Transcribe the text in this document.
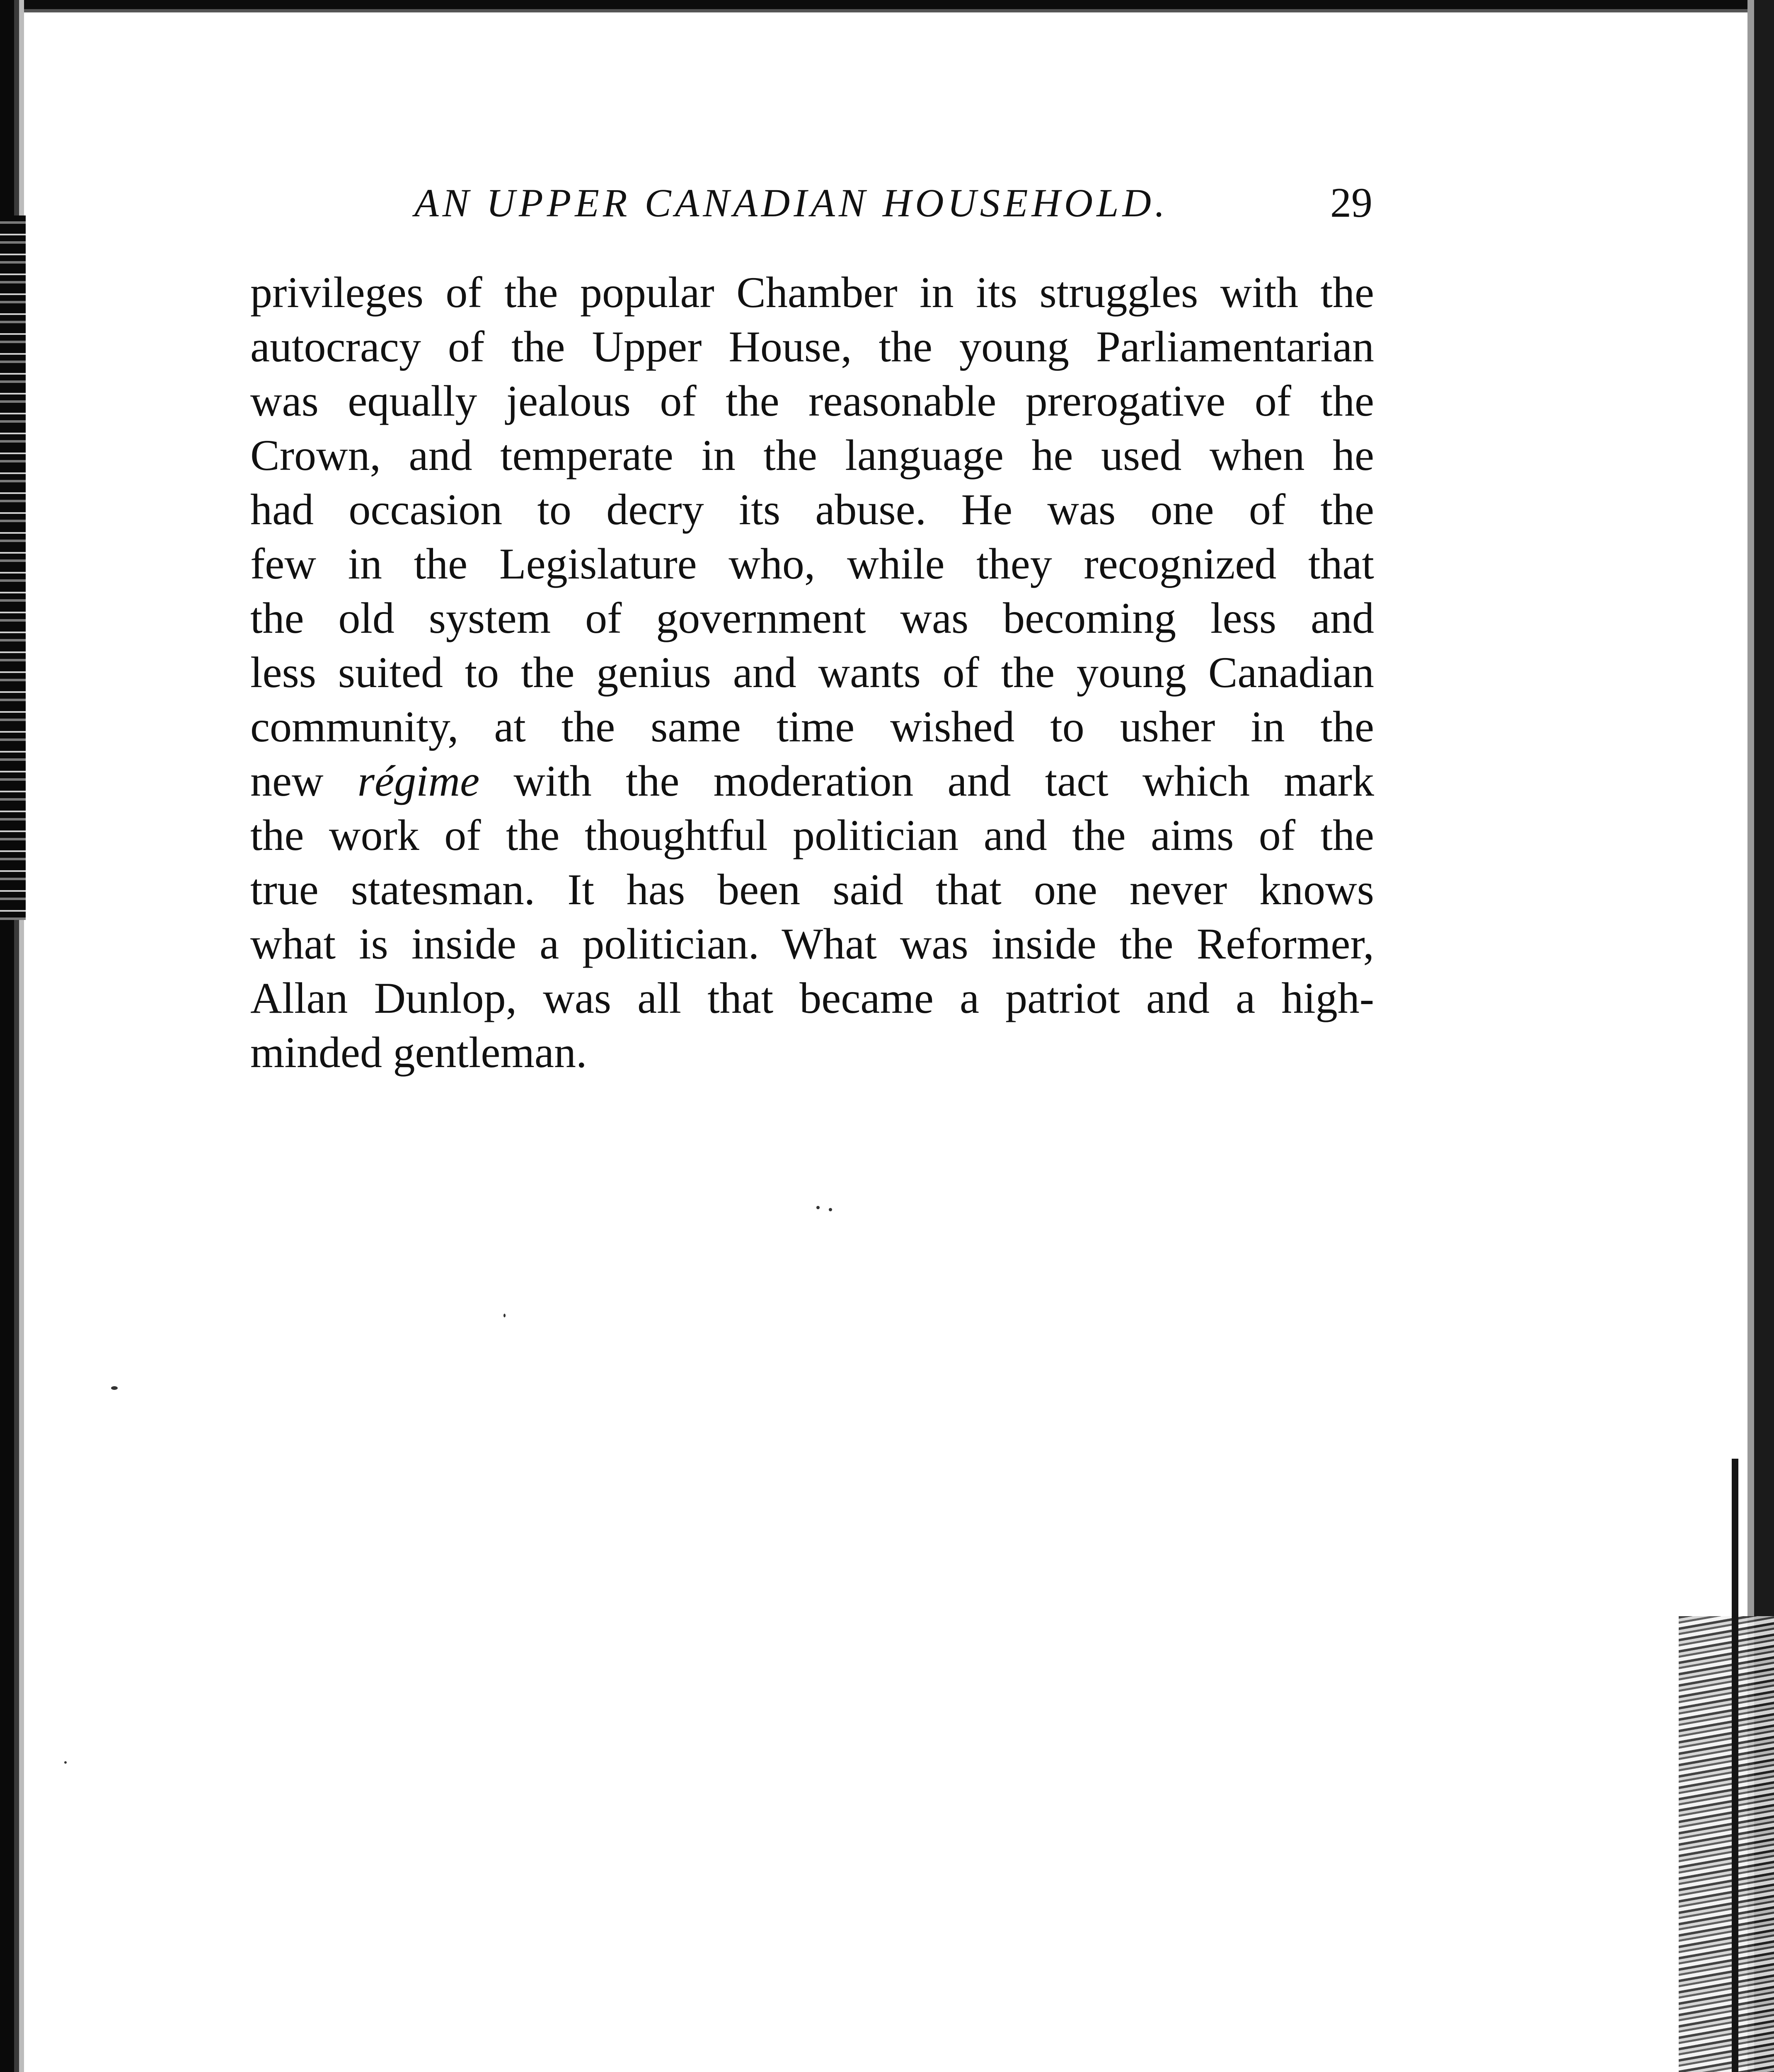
AN UPPER CANADIAN HOUSEHOLD.	29
privileges of the popular Chamber in its struggles with the
autocracy of the Upper House, the young Parliamentarian
was equally jealous of the reasonable prerogative of the
Crown, and temperate in the language he used when he
had occasion to decry its abuse. He was one of the
few in the Legislature who, while they recognized that
the old system of government was becoming less and
less suited to the genius and wants of the young Canadian
community, at the same time wished to usher in the
new régime with the moderation and tact which mark
the work of the thoughtful politician and the aims of the
true statesman. It has been said that one never knows
what is inside a politician. What was inside the Reformer,
Allan Dunlop, was all that became a patriot and a high-
minded gentleman.
